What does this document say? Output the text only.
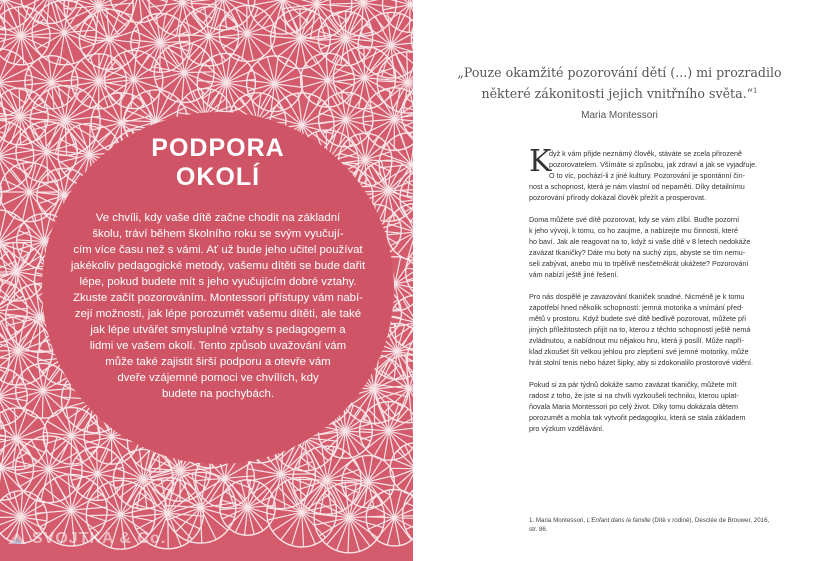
PODPORA
OKOLÍ
Ve chvíli, kdy vaše dítě začne chodit na základní
školu, tráví během školního roku se svým vyučují-
cím více času než s vámi. Ať už bude jeho učitel používat
jakékoliv pedagogické metody, vašemu dítěti se bude dařit
lépe, pokud budete mít s jeho vyučujícím dobré vztahy.
Zkuste začít pozorováním. Montessori přístupy vám nabí-
zejí možnosti, jak lépe porozumět vašemu dítěti, ale také
jak lépe utvářet smysluplné vztahy s pedagogem a
lidmi ve vašem okolí. Tento způsob uvažování vám
může také zajistit širší podporu a otevře vám
dveře vzájemné pomoci ve chvílích, kdy
budete na pochybách.
SVOJTKA & Co.
„Pouze okamžité pozorování dětí (...) mi prozradilo
některé zákonitosti jejich vnitřního světa.“$^1$
Maria Montessori
K
dyž k vám přijde neznámý člověk, stáváte se zcela přirozeně
pozorovatelem. Všímáte si způsobu, jak zdraví a jak se vyjadřuje.
O to víc, pochází-li z jiné kultury. Pozorování je spontánní čin-
nost a schopnost, která je nám vlastní od nepaměti. Díky detailnímu
pozorování přírody dokázal člověk přežít a prosperovat.
Doma můžete své dítě pozorovat, kdy se vám zlíbí. Buďte pozorní
k jeho vývoji, k tomu, co ho zaujme, a nabízejte mu činnosti, které
ho baví. Jak ale reagovat na to, když si vaše dítě v 8 letech nedokáže
zavázat tkaničky? Dáte mu boty na suchý zips, abyste se tím nemu-
seli zabývat, anebo mu to trpělivě nesčetněkrát ukážete? Pozorování
vám nabízí ještě jiné řešení.
Pro nás dospělé je zavazování tkaniček snadné. Nicméně je k tomu
zapotřebí hned několik schopností: jemná motorika a vnímání před-
mětů v prostoru. Když budete své dítě bedlivě pozorovat, můžete při
jiných příležitostech přijít na to, kterou z těchto schopností ještě nemá
zvládnutou, a nabídnout mu nějakou hru, která ji posílí. Může napří-
klad zkoušet šít velkou jehlou pro zlepšení své jemné motoriky, může
hrát stolní tenis nebo házet šipky, aby si zdokonalilo prostorové vidění.
Pokud si za pár týdnů dokáže samo zavázat tkaničky, můžete mít
radost z toho, že jste si na chvíli vyzkoušeli techniku, kterou uplat-
ňovala Maria Montessori po celý život. Díky tomu dokázala dětem
porozumět a mohla tak vytvořit pedagogiku, která se stala základem
pro výzkum vzdělávání.
1. Maria Montessori, L'Enfant dans la famille (Dítě v rodině), Desclée de Brouwer, 2016,
str. 86.
